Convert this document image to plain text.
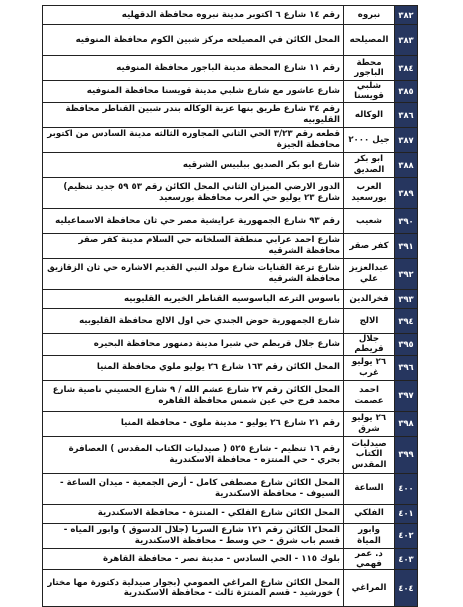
٣٨٢	نبروه	رقم ١٤ شارع ٦ اكتوبر مدينة نبروه محافظة الدقهليه
٣٨٣	المصيلحه	المحل الكائن في المصيلحه مركز شبين الكوم محافظة المنوفيه
٣٨٤	محطة الباجور	رقم ١١ شارع المحطة مدينة الباجور محافظة المنوفيه
٣٨٥	شلبي قويسنا	شارع عاشور مع شارع شلبي مدينة قويسنا محافظة المنوفيه
٣٨٦	الوكاله	رقم ٣٤ شارع طريق بنها عزبة الوكاله بندر شبين القناطر محافظة القليوبيه
٣٨٧	جيل ٢٠٠٠	قطعه رقم ٣/٢٣ الحي الثاني المجاوره الثالثه مدينة السادس من اكتوبر محافظة الجيزة
٣٨٨	ابو بكر الصديق	شارع ابو بكر الصديق ببلبيس الشرقيه
٣٨٩	العرب بورسعيد	الدور الارضي الميزان الثاني المحل الكائن رقم ٥٣ ٥٩ جديد تنظيم) شارع ٢٣ يوليو حي العرب محافظة بورسعيد
٣٩٠	شعيب	رقم ٩٣ شارع الجمهورية عرايشية مصر حي ثان محافظة الاسماعيليه
٣٩١	كفر صقر	شارع احمد عرابي منطقة السلخانه حي السلام مدينة كفر صقر محافظة الشرقيه
٣٩٢	عبدالعزيز علي	شارع ترعة القنايات شارع مولد النبي القديم الاشاره حي ثان الزقازيق محافظة الشرقيه
٣٩٣	فخرالدين	باسوس الترعه الباسوسيه القناطر الخيريه القليوبيه
٣٩٤	الالج	شارع الجمهورية حوض الجندي حي اول الالج محافظة القليوبيه
٣٩٥	جلال قريطم	شارع جلال قريطم حي شبرا مدينة دمنهور محافظة البحيره
٣٩٦	٢٦ يوليو غرب	المحل الكائن رقم ١٦٣ شارع ٢٦ يوليو ملوي محافظة المنيا
٣٩٧	احمد عصمت	المحل الكائن رقم ٢٧ شارع عشم الله / ٩ شارع الحسيني ناصية شارع محمد فرج حي عين شمس محافظة القاهره
٣٩٨	٢٦ يوليو شرق	رقم ٢١ شارع ٢٦ يوليو - مدينة ملوى - محافظة المنيا
٣٩٩	صيدليات الكتاب المقدس	رقم ١٦ تنظيم - شارع ٥٢٥ ( صيدليات الكتاب المقدس ) العصافرة بحري - حي المنتزه - محافظة الاسكندرية
٤٠٠	الساعة	المحل الكائن شارع مصطفى كامل - أرض الجمعية - ميدان الساعة - السيوف - محافظة الاسكندرية
٤٠١	الفلكي	المحل الكائن شارع الفلكي - المنتزة - محافظة الاسكندرية
٤٠٢	وابور المياة	المحل الكائن رقم ١٢١ شارع السريا (جلال الدسوق ) وابور المياه - قسم باب شرق - حي وسط - محافظة الاسكندرية
٤٠٣	د. عمر فهمي	بلوك ١١٥ - الحي السادس - مدينة نصر - محافظة القاهرة
٤٠٤	المراغي	المحل الكائن شارع المراغي العمومي (بجوار صيدلية دكتورة مها مختار ) خورشيد - قسم المنتزة ثالث - محافظة الاسكندرية
